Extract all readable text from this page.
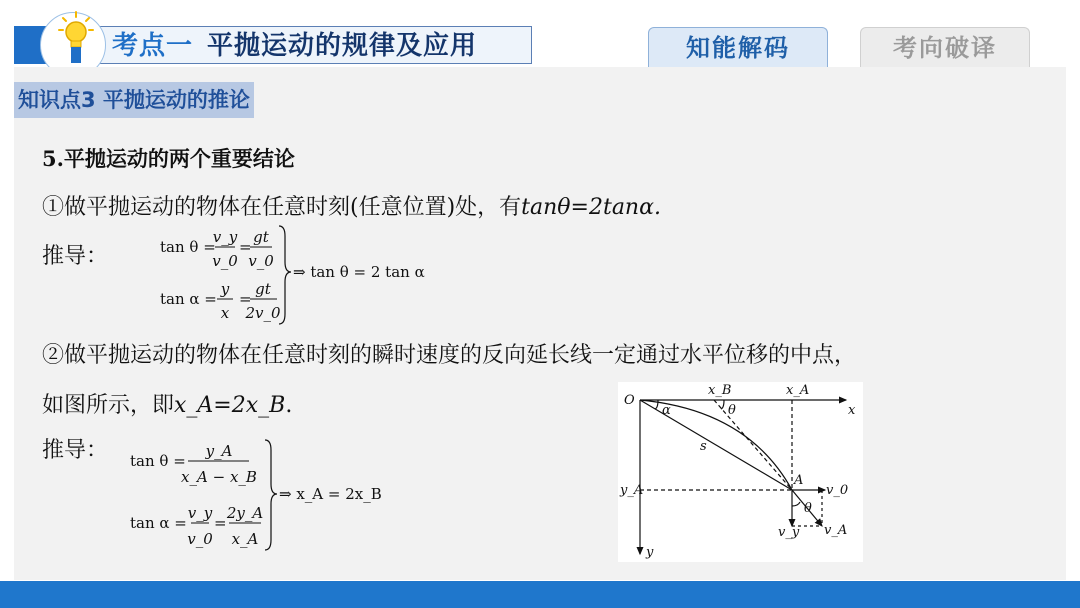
考点一 平抛运动的规律及应用	知能解码	考向破译
知识点3 平抛运动的推论
5.平抛运动的两个重要结论
①做平抛运动的物体在任意时刻(任意位置)处，有tanθ=2tanα.
推导：	tan θ =
v_y
v_0
=
gt
v_0
tan α =
y
x
=
gt
2v_0
⇒ tan θ = 2 tan α
②做平抛运动的物体在任意时刻的瞬时速度的反向延长线一定通过水平位移的中点，
如图所示，即x_A=2x_B.
推导： tan θ =
y_A
x_A − x_B
tan α =
v_y
v_0
=
2y_A
x_A
⇒ x_A = 2x_B
O
x
y
x_B	x_A
y_A
A
s
α	θ
θ
v_0
v_y v_A
